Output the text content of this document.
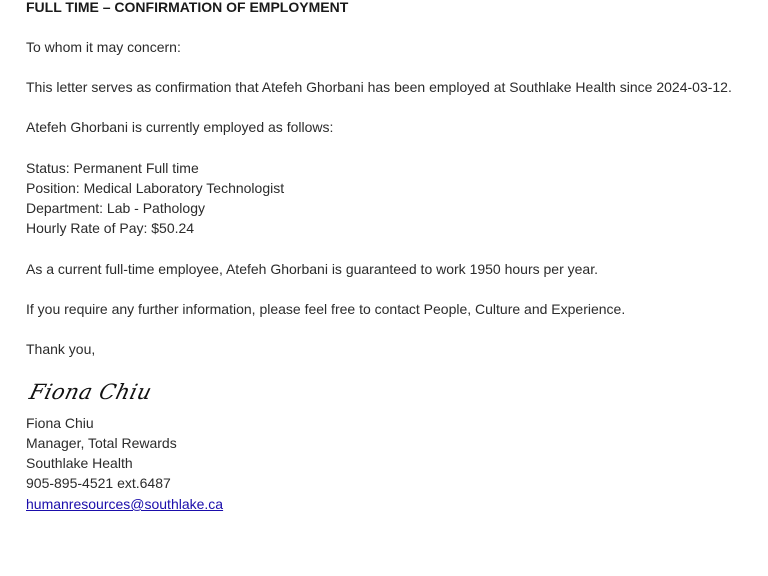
FULL TIME – CONFIRMATION OF EMPLOYMENT
To whom it may concern:
This letter serves as confirmation that Atefeh Ghorbani has been employed at Southlake Health since 2024-03-12.
Atefeh Ghorbani is currently employed as follows:
Status: Permanent Full time
Position: Medical Laboratory Technologist
Department: Lab - Pathology
Hourly Rate of Pay: $50.24
As a current full-time employee, Atefeh Ghorbani is guaranteed to work 1950 hours per year.
If you require any further information, please feel free to contact People, Culture and Experience.
Thank you,
Fiona Chiu
Fiona Chiu
Manager, Total Rewards
Southlake Health
905-895-4521 ext.6487
humanresources@southlake.ca
